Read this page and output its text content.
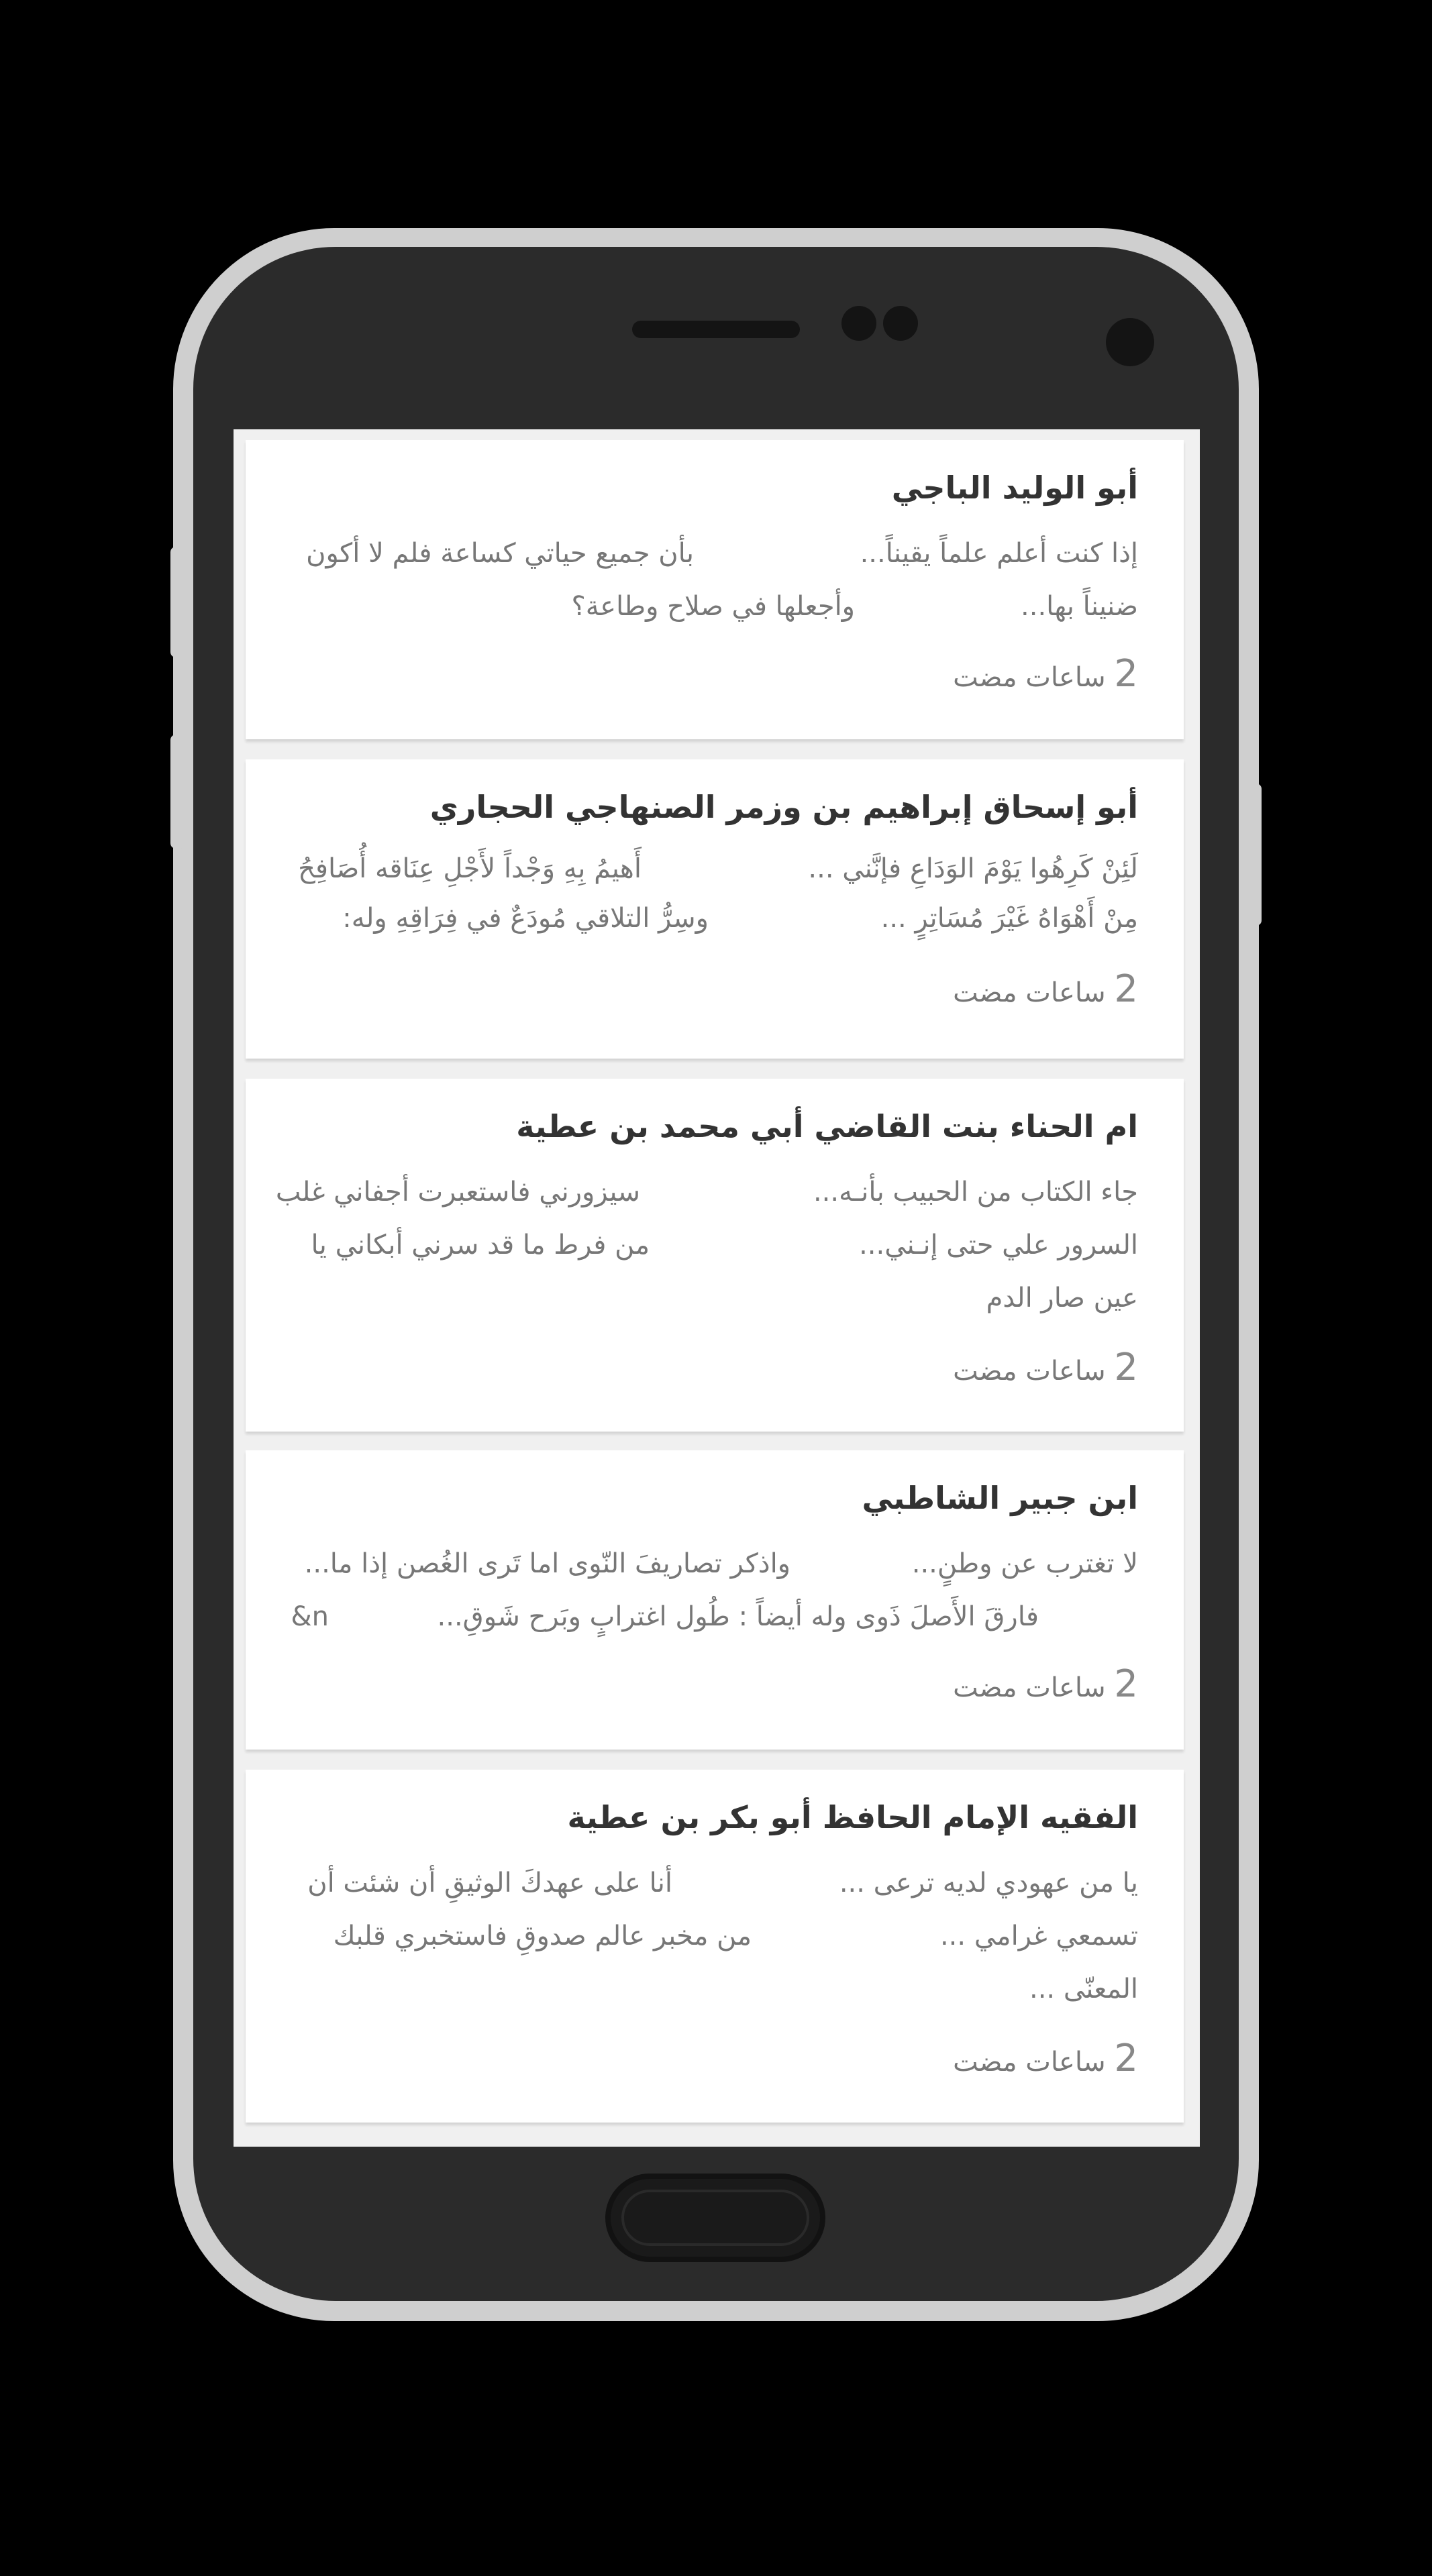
أبو الوليد الباجي
إذا كنت أعلم علماً يقيناً...
بأن جميع حياتي كساعة فلم لا أكون
ضنيناً بها...
وأجعلها في صلاح وطاعة؟
2 ساعات مضت
أبو إسحاق إبراهيم بن وزمر الصنهاجي الحجاري
لَئِنْ كَرِهُوا يَوْمَ الوَدَاعِ فإنَّني ...
أَهيمُ بِهِ وَجْداً لأَجْلِ عِنَاقه أُصَافِحُ
مِنْ أَهْوَاهُ غَيْرَ مُسَاتِرٍ ...
وسِرُّ التلاقي مُودَعٌ في فِرَاقِهِ وله:
2 ساعات مضت
ام الحناء بنت القاضي أبي محمد بن عطية
جاء الكتاب من الحبيب بأنـه...
سيزورني فاستعبرت أجفاني غلب
السرور علي حتى إنـني...
من فرط ما قد سرني أبكاني يا
عين صار الدم
2 ساعات مضت
ابن جبير الشاطبي
لا تغترب عن وطنٍ...
واذكر تصاريفَ النّوى اما تَرى الغُصن إذا ما...
فارقَ الأَصلَ ذَوى وله أيضاً : طُول اغترابٍ وبَرح شَوقِ...
n&
2 ساعات مضت
الفقيه الإمام الحافظ أبو بكر بن عطية
يا من عهودي لديه ترعى ...
أنا على عهدكَ الوثيقِ أن شئت أن
تسمعي غرامي ...
من مخبر عالم صدوقِ فاستخبري قلبك
المعنّى ...
2 ساعات مضت
